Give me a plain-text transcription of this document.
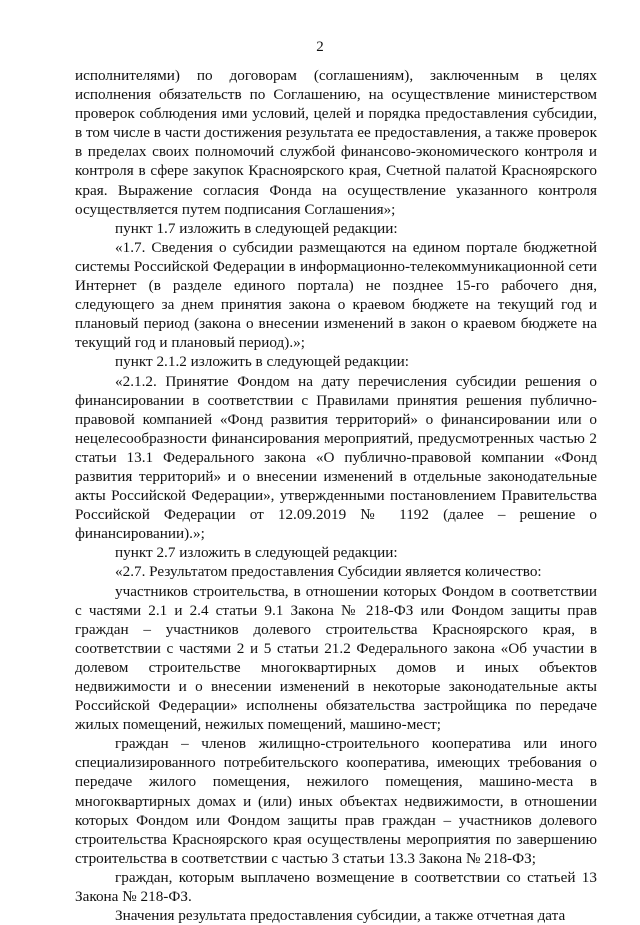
2

исполнителями) по договорам (соглашениям), заключенным в целях исполнения обязательств по Соглашению, на осуществление министерством проверок соблюдения ими условий, целей и порядка предоставления субсидии, в том числе в части достижения результата ее предоставления, а также проверок в пределах своих полномочий службой финансово-экономического контроля и контроля в сфере закупок Красноярского края, Счетной палатой Красноярского края. Выражение согласия Фонда на осуществление указанного контроля осуществляется путем подписания Соглашения»;

пункт 1.7 изложить в следующей редакции:

«1.7. Сведения о субсидии размещаются на едином портале бюджетной системы Российской Федерации в информационно-телекоммуникационной сети Интернет (в разделе единого портала) не позднее 15-го рабочего дня, следующего за днем принятия закона о краевом бюджете на текущий год и плановый период (закона о внесении изменений в закон о краевом бюджете на текущий год и плановый период).»;

пункт 2.1.2 изложить в следующей редакции:

«2.1.2. Принятие Фондом на дату перечисления субсидии решения о финансировании в соответствии с Правилами принятия решения публично-правовой компанией «Фонд развития территорий» о финансировании или о нецелесообразности финансирования мероприятий, предусмотренных частью 2 статьи 13.1 Федерального закона «О публично-правовой компании «Фонд развития территорий» и о внесении изменений в отдельные законодательные акты Российской Федерации», утвержденными постановлением Правительства Российской Федерации от 12.09.2019 № 1192 (далее – решение о финансировании).»;

пункт 2.7 изложить в следующей редакции:

«2.7. Результатом предоставления Субсидии является количество:

участников строительства, в отношении которых Фондом в соответствии с частями 2.1 и 2.4 статьи 9.1 Закона № 218-ФЗ или Фондом защиты прав граждан – участников долевого строительства Красноярского края, в соответствии с частями 2 и 5 статьи 21.2 Федерального закона «Об участии в долевом строительстве многоквартирных домов и иных объектов недвижимости и о внесении изменений в некоторые законодательные акты Российской Федерации» исполнены обязательства застройщика по передаче жилых помещений, нежилых помещений, машино-мест;

граждан – членов жилищно-строительного кооператива или иного специализированного потребительского кооператива, имеющих требования о передаче жилого помещения, нежилого помещения, машино-места в многоквартирных домах и (или) иных объектах недвижимости, в отношении которых Фондом или Фондом защиты прав граждан – участников долевого строительства Красноярского края осуществлены мероприятия по завершению строительства в соответствии с частью 3 статьи 13.3 Закона № 218-ФЗ;

граждан, которым выплачено возмещение в соответствии со статьей 13 Закона № 218-ФЗ.

Значения результата предоставления субсидии, а также отчетная дата
